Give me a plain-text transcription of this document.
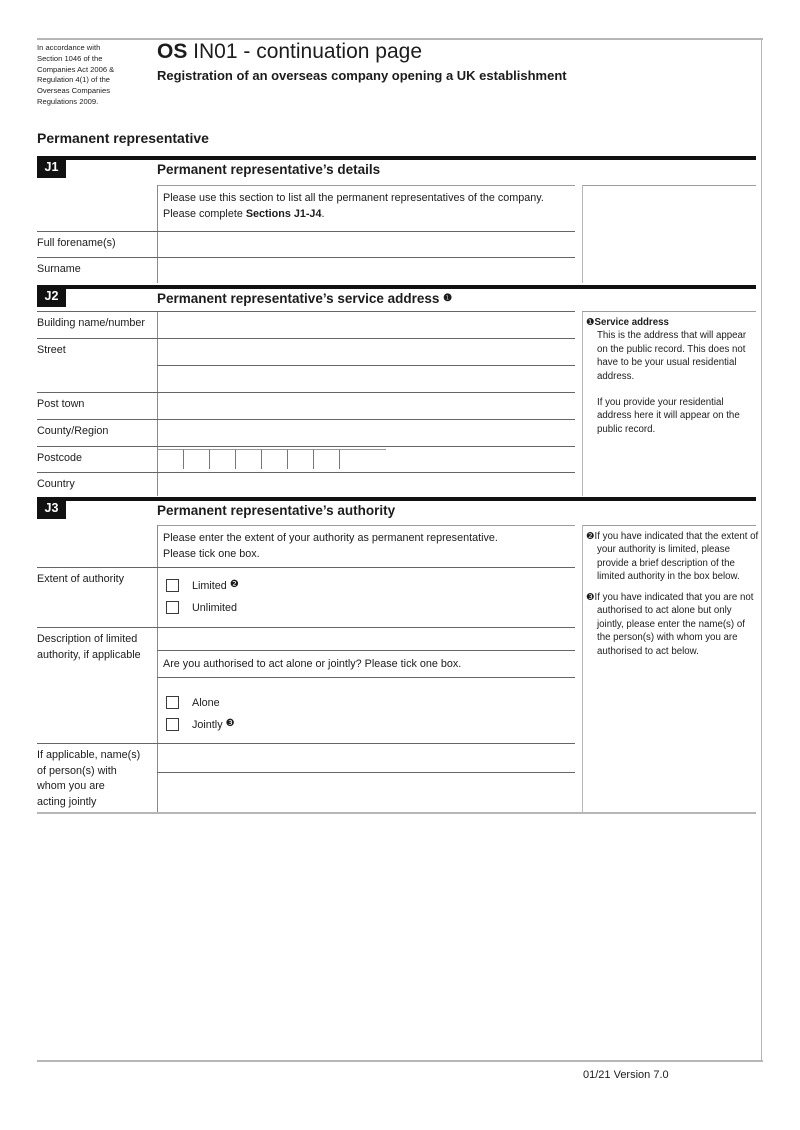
In accordance with
Section 1046 of the
Companies Act 2006 &
Regulation 4(1) of the
Overseas Companies
Regulations 2009.
OS IN01 - continuation page
Registration of an overseas company opening a UK establishment
Permanent representative
J1	Permanent representative’s details
Please use this section to list all the permanent representatives of the company.
Please complete Sections J1-J4.
Full forename(s)
Surname
J2	Permanent representative’s service address ❶
Building name/number
Street
Post town
County/Region
Postcode
Country
❶Service address
This is the address that will appear on the public record. This does not have to be your usual residential address.
If you provide your residential address here it will appear on the public record.
J3	Permanent representative’s authority
Please enter the extent of your authority as permanent representative.
Please tick one box.
Extent of authority
Limited ❷
Unlimited
Description of limited
authority, if applicable
Are you authorised to act alone or jointly? Please tick one box.
Alone
Jointly ❸
If applicable, name(s)
of person(s) with
whom you are
acting jointly
❷If you have indicated that the extent of your authority is limited, please provide a brief description of the limited authority in the box below.
❸If you have indicated that you are not authorised to act alone but only jointly, please enter the name(s) of the person(s) with whom you are authorised to act below.
01/21 Version 7.0
